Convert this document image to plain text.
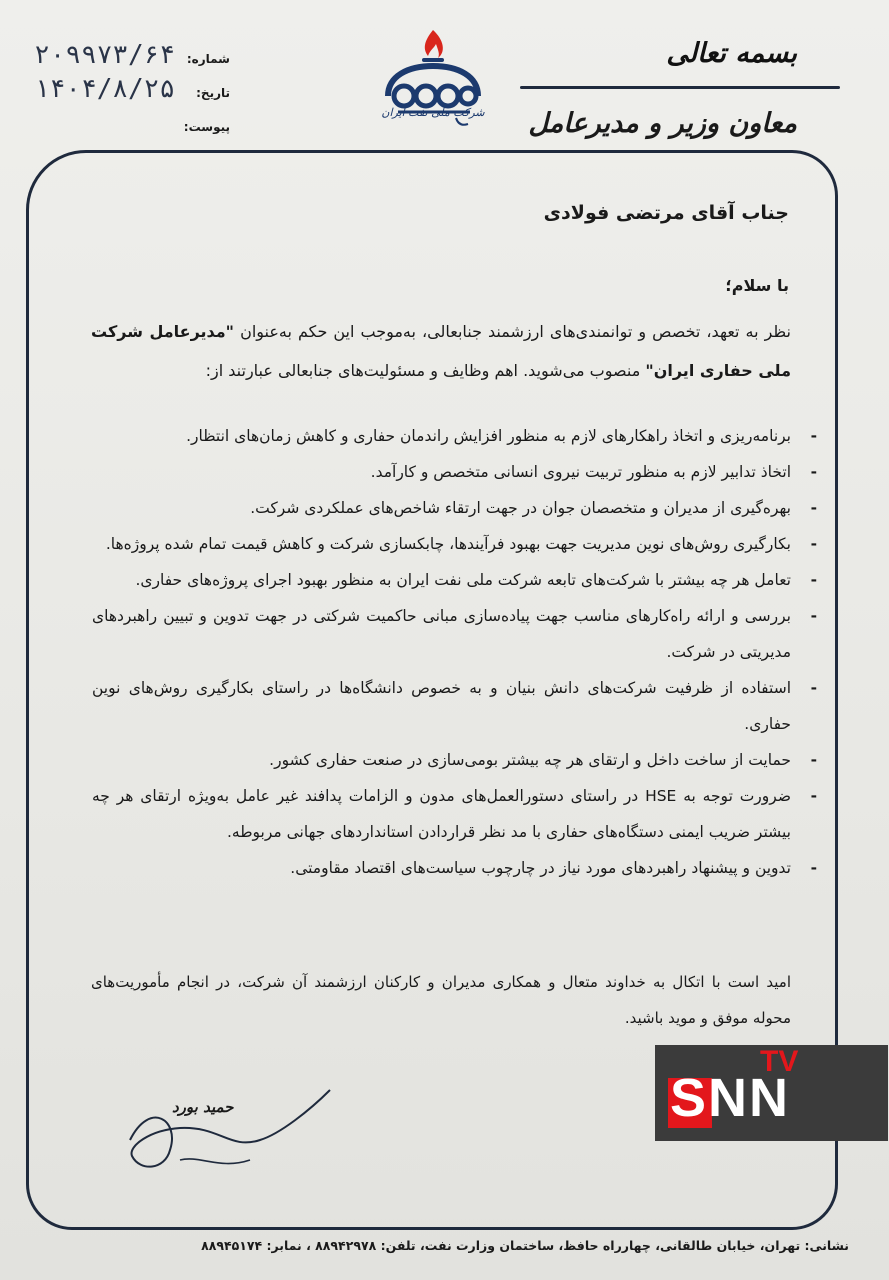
بسمه تعالی
معاون وزیر و مدیرعامل
شرکت ملی نفت ایران
شماره:
۲۰۹۹۷۳/۶۴
تاریخ:
۱۴۰۴/۸/۲۵
پیوست:
جناب آقای مرتضی فولادی
با سلام؛
نظر به تعهد، تخصص و توانمندی‌های ارزشمند جنابعالی، به‌موجب این حکم به‌عنوان "مدیرعامل شرکت ملی حفاری ایران" منصوب می‌شوید. اهم وظایف و مسئولیت‌های جنابعالی عبارتند از:
- برنامه‌ریزی و اتخاذ راهکارهای لازم به منظور افزایش راندمان حفاری و کاهش زمان‌های انتظار.
- اتخاذ تدابیر لازم به منظور تربیت نیروی انسانی متخصص و کارآمد.
- بهره‌گیری از مدیران و متخصصان جوان در جهت ارتقاء شاخص‌های عملکردی شرکت.
- بکارگیری روش‌های نوین مدیریت جهت بهبود فرآیندها، چابکسازی شرکت و کاهش قیمت تمام شده پروژه‌ها.
- تعامل هر چه بیشتر با شرکت‌های تابعه شرکت ملی نفت ایران به منظور بهبود اجرای پروژه‌های حفاری.
- بررسی و ارائه راه‌کارهای مناسب جهت پیاده‌سازی مبانی حاکمیت شرکتی در جهت تدوین و تبیین راهبردهای مدیریتی در شرکت.
- استفاده از ظرفیت شرکت‌های دانش بنیان و به خصوص دانشگاه‌ها در راستای بکارگیری روش‌های نوین حفاری.
- حمایت از ساخت داخل و ارتقای هر چه بیشتر بومی‌سازی در صنعت حفاری کشور.
- ضرورت توجه به HSE در راستای دستورالعمل‌های مدون و الزامات پدافند غیر عامل به‌ویژه ارتقای هر چه بیشتر ضریب ایمنی دستگاه‌های حفاری با مد نظر قراردادن استانداردهای جهانی مربوطه.
- تدوین و پیشنهاد راهبردهای مورد نیاز در چارچوب سیاست‌های اقتصاد مقاومتی.
امید است با اتکال به خداوند متعال و همکاری مدیران و کارکنان ارزشمند آن شرکت، در انجام مأموریت‌های محوله موفق و موید باشید.
حمید بورد	SNN
TV
نشانی: تهران، خیابان طالقانی، چهارراه حافظ، ساختمان وزارت نفت، تلفن: ۸۸۹۴۲۹۷۸ ، نمابر: ۸۸۹۴۵۱۷۴
